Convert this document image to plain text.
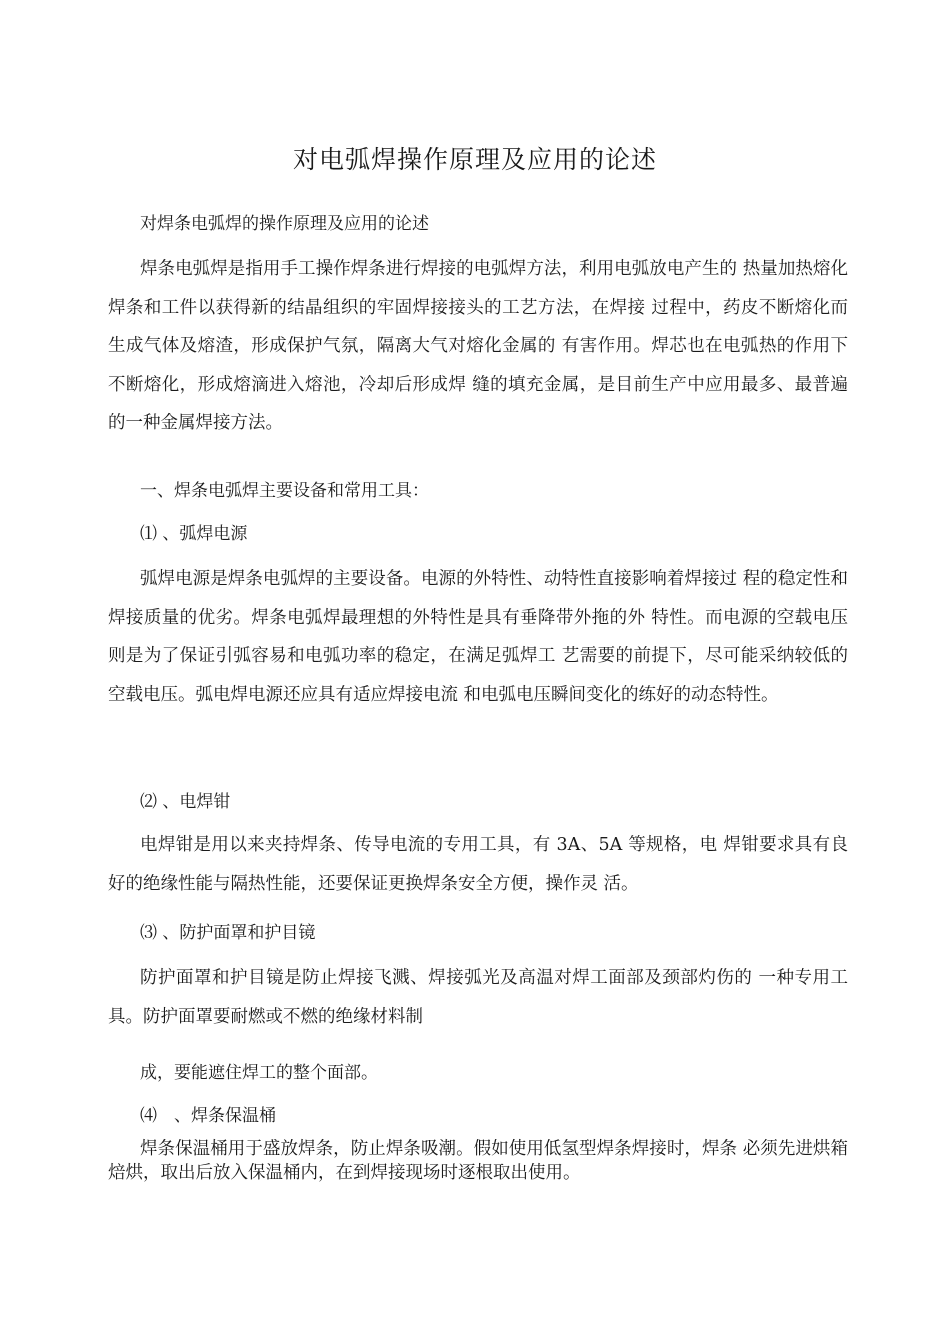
对电弧焊操作原理及应用的论述

对焊条电弧焊的操作原理及应用的论述

焊条电弧焊是指用手工操作焊条进行焊接的电弧焊方法，利用电弧放电产生的 热量加热熔化焊条和工件以获得新的结晶组织的牢固焊接接头的工艺方法，在焊接 过程中，药皮不断熔化而生成气体及熔渣，形成保护气氛，隔离大气对熔化金属的 有害作用。焊芯也在电弧热的作用下不断熔化，形成熔滴进入熔池，冷却后形成焊 缝的填充金属，是目前生产中应用最多、最普遍的一种金属焊接方法。

一、焊条电弧焊主要设备和常用工具：

⑴ 、弧焊电源

弧焊电源是焊条电弧焊的主要设备。电源的外特性、动特性直接影响着焊接过 程的稳定性和焊接质量的优劣。焊条电弧焊最理想的外特性是具有垂降带外拖的外 特性。而电源的空载电压则是为了保证引弧容易和电弧功率的稳定，在满足弧焊工 艺需要的前提下，尽可能采纳较低的空载电压。弧电焊电源还应具有适应焊接电流 和电弧电压瞬间变化的练好的动态特性。

⑵ 、电焊钳

电焊钳是用以来夹持焊条、传导电流的专用工具，有 3A、5A 等规格，电 焊钳要求具有良好的绝缘性能与隔热性能，还要保证更换焊条安全方便，操作灵 活。

⑶ 、防护面罩和护目镜

防护面罩和护目镜是防止焊接飞溅、焊接弧光及高温对焊工面部及颈部灼伤的 一种专用工具。防护面罩要耐燃或不燃的绝缘材料制

成，要能遮住焊工的整个面部。

⑷　、焊条保温桶

焊条保温桶用于盛放焊条，防止焊条吸潮。假如使用低氢型焊条焊接时，焊条 必须先进烘箱焙烘，取出后放入保温桶内，在到焊接现场时逐根取出使用。
